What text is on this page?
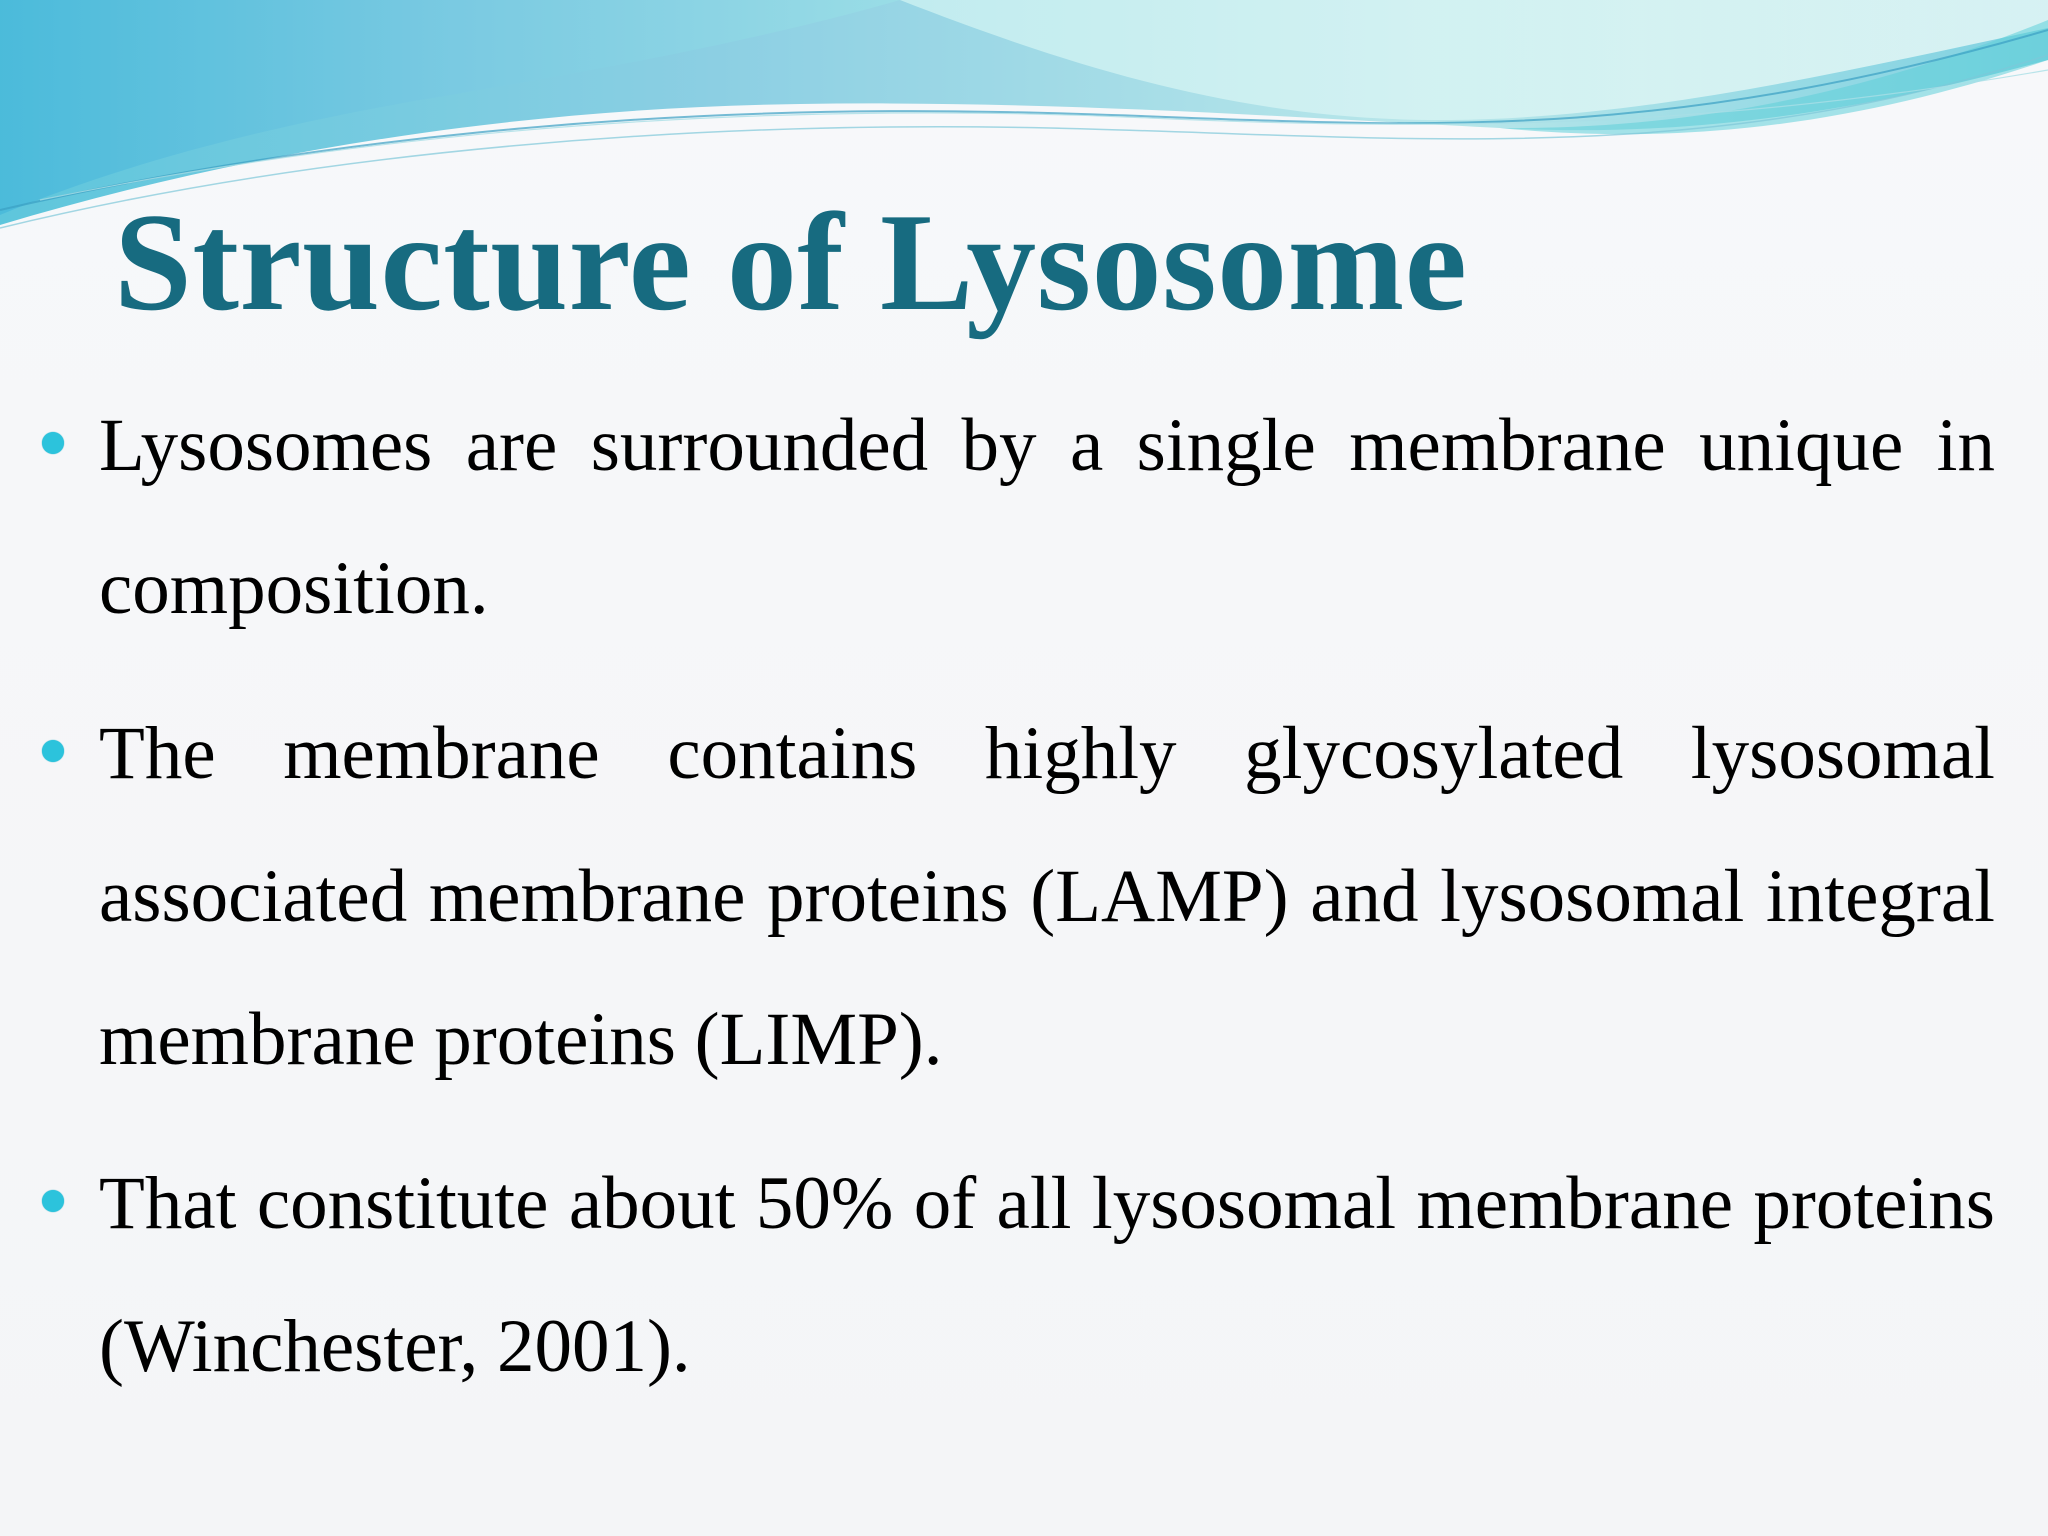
Structure of Lysosome

Lysosomes are surrounded by a single membrane unique in composition.

The membrane contains highly glycosylated lysosomal associated membrane proteins (LAMP) and lysosomal integral membrane proteins (LIMP).

That constitute about 50% of all lysosomal membrane proteins (Winchester, 2001).
